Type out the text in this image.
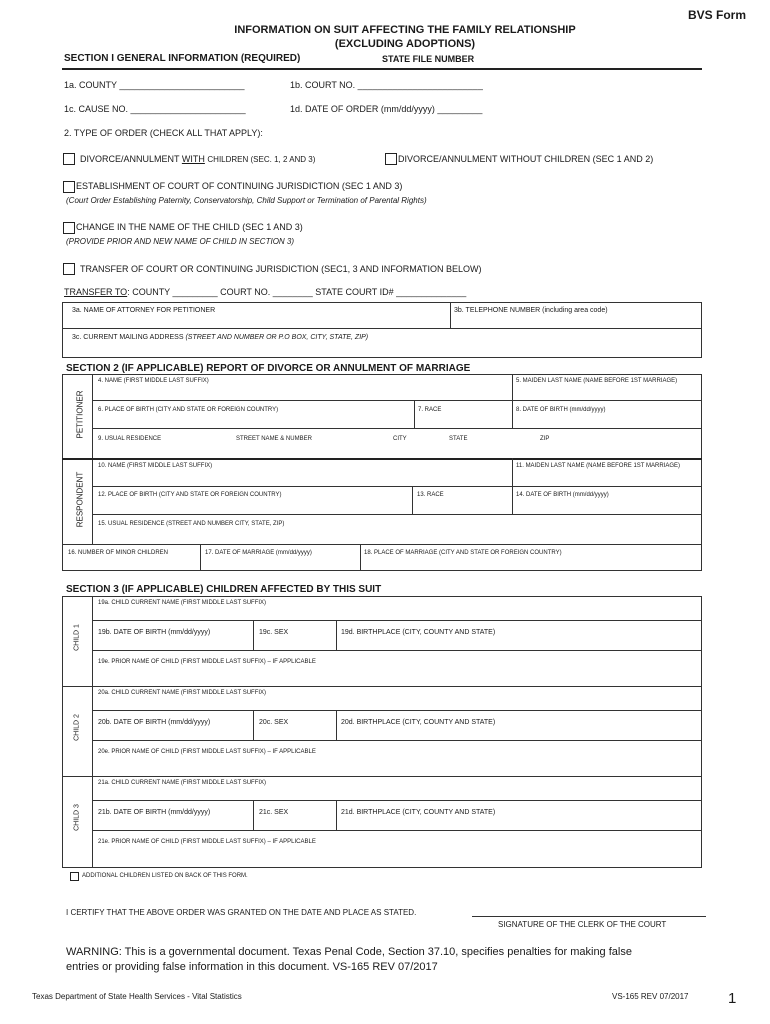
BVS Form
INFORMATION ON SUIT AFFECTING THE FAMILY RELATIONSHIP
(EXCLUDING ADOPTIONS)
SECTION I GENERAL INFORMATION (REQUIRED)	STATE FILE NUMBER
1a. COUNTY _________________________	1b. COURT NO. _________________________
1c. CAUSE NO. _______________________	1d. DATE OF ORDER (mm/dd/yyyy) _________
2. TYPE OF ORDER (CHECK ALL THAT APPLY):
DIVORCE/ANNULMENT WITH CHILDREN (SEC. 1, 2 AND 3)	DIVORCE/ANNULMENT WITHOUT CHILDREN (SEC 1 AND 2)
ESTABLISHMENT OF COURT OF CONTINUING JURISDICTION (SEC 1 AND 3)
(Court Order Establishing Paternity, Conservatorship, Child Support or Termination of Parental Rights)
CHANGE IN THE NAME OF THE CHILD (SEC 1 AND 3)
(PROVIDE PRIOR AND NEW NAME OF CHILD IN SECTION 3)
TRANSFER OF COURT OR CONTINUING JURISDICTION (SEC1, 3 AND INFORMATION BELOW)
TRANSFER TO: COUNTY _________ COURT NO. ________ STATE COURT ID# ______________
3a. NAME OF ATTORNEY FOR PETITIONER	3b. TELEPHONE NUMBER (including area code)
3c. CURRENT MAILING ADDRESS (STREET AND NUMBER OR P.O BOX, CITY, STATE, ZIP)
SECTION 2 (IF APPLICABLE) REPORT OF DIVORCE OR ANNULMENT OF MARRIAGE
PETITIONER
RESPONDENT
4. NAME (FIRST MIDDLE LAST SUFFIX)	5. MAIDEN LAST NAME (NAME BEFORE 1ST MARRIAGE)
6. PLACE OF BIRTH (CITY AND STATE OR FOREIGN COUNTRY)	7. RACE	8. DATE OF BIRTH (mm/dd/yyyy)
9. USUAL RESIDENCE	STREET NAME & NUMBER	CITY	STATE	ZIP
10. NAME (FIRST MIDDLE LAST SUFFIX)	11. MAIDEN LAST NAME (NAME BEFORE 1ST MARRIAGE)
12. PLACE OF BIRTH (CITY AND STATE OR FOREIGN COUNTRY)	13. RACE	14. DATE OF BIRTH (mm/dd/yyyy)
15. USUAL RESIDENCE (STREET AND NUMBER CITY, STATE, ZIP)
16. NUMBER OF MINOR CHILDREN	17. DATE OF MARRIAGE (mm/dd/yyyy)	18. PLACE OF MARRIAGE (CITY AND STATE OR FOREIGN COUNTRY)
SECTION 3 (IF APPLICABLE) CHILDREN AFFECTED BY THIS SUIT
CHILD 1
19a. CHILD CURRENT NAME (FIRST MIDDLE LAST SUFFIX)
19b. DATE OF BIRTH (mm/dd/yyyy)	19c. SEX	19d. BIRTHPLACE (CITY, COUNTY AND STATE)
19e. PRIOR NAME OF CHILD (FIRST MIDDLE LAST SUFFIX) – IF APPLICABLE
CHILD 2
20a. CHILD CURRENT NAME (FIRST MIDDLE LAST SUFFIX)
20b. DATE OF BIRTH (mm/dd/yyyy)	20c. SEX	20d. BIRTHPLACE (CITY, COUNTY AND STATE)
20e. PRIOR NAME OF CHILD (FIRST MIDDLE LAST SUFFIX) – IF APPLICABLE
CHILD 3
21a. CHILD CURRENT NAME (FIRST MIDDLE LAST SUFFIX)
21b. DATE OF BIRTH (mm/dd/yyyy)	21c. SEX	21d. BIRTHPLACE (CITY, COUNTY AND STATE)
21e. PRIOR NAME OF CHILD (FIRST MIDDLE LAST SUFFIX) – IF APPLICABLE
ADDITIONAL CHILDREN LISTED ON BACK OF THIS FORM.
I CERTIFY THAT THE ABOVE ORDER WAS GRANTED ON THE DATE AND PLACE AS STATED.
SIGNATURE OF THE CLERK OF THE COURT
WARNING: This is a governmental document. Texas Penal Code, Section 37.10, specifies penalties for making false
entries or providing false information in this document. VS-165 REV 07/2017
Texas Department of State Health Services - Vital Statistics	VS-165 REV 07/2017	1
